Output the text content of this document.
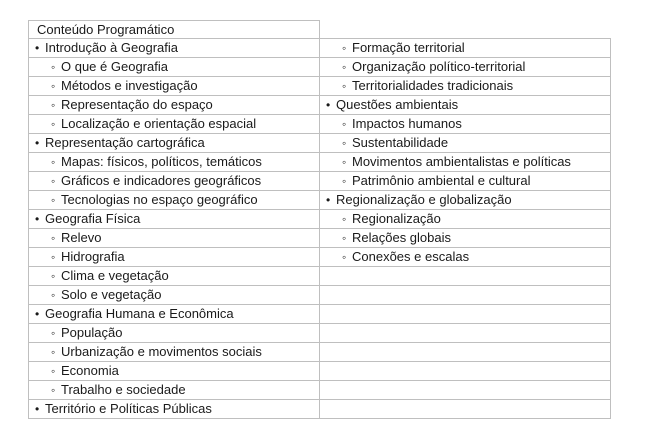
Conteúdo Programático	
• Introdução à Geografia	◦ Formação territorial
◦ O que é Geografia	◦ Organização político-territorial
◦ Métodos e investigação	◦ Territorialidades tradicionais
◦ Representação do espaço	• Questões ambientais
◦ Localização e orientação espacial	◦ Impactos humanos
• Representação cartográfica	◦ Sustentabilidade
◦ Mapas: físicos, políticos, temáticos	◦ Movimentos ambientalistas e políticas
◦ Gráficos e indicadores geográficos	◦ Patrimônio ambiental e cultural
◦ Tecnologias no espaço geográfico	• Regionalização e globalização
• Geografia Física	◦ Regionalização
◦ Relevo	◦ Relações globais
◦ Hidrografia	◦ Conexões e escalas
◦ Clima e vegetação	
◦ Solo e vegetação	
• Geografia Humana e Econômica	
◦ População	
◦ Urbanização e movimentos sociais	
◦ Economia	
◦ Trabalho e sociedade	
• Território e Políticas Públicas	
